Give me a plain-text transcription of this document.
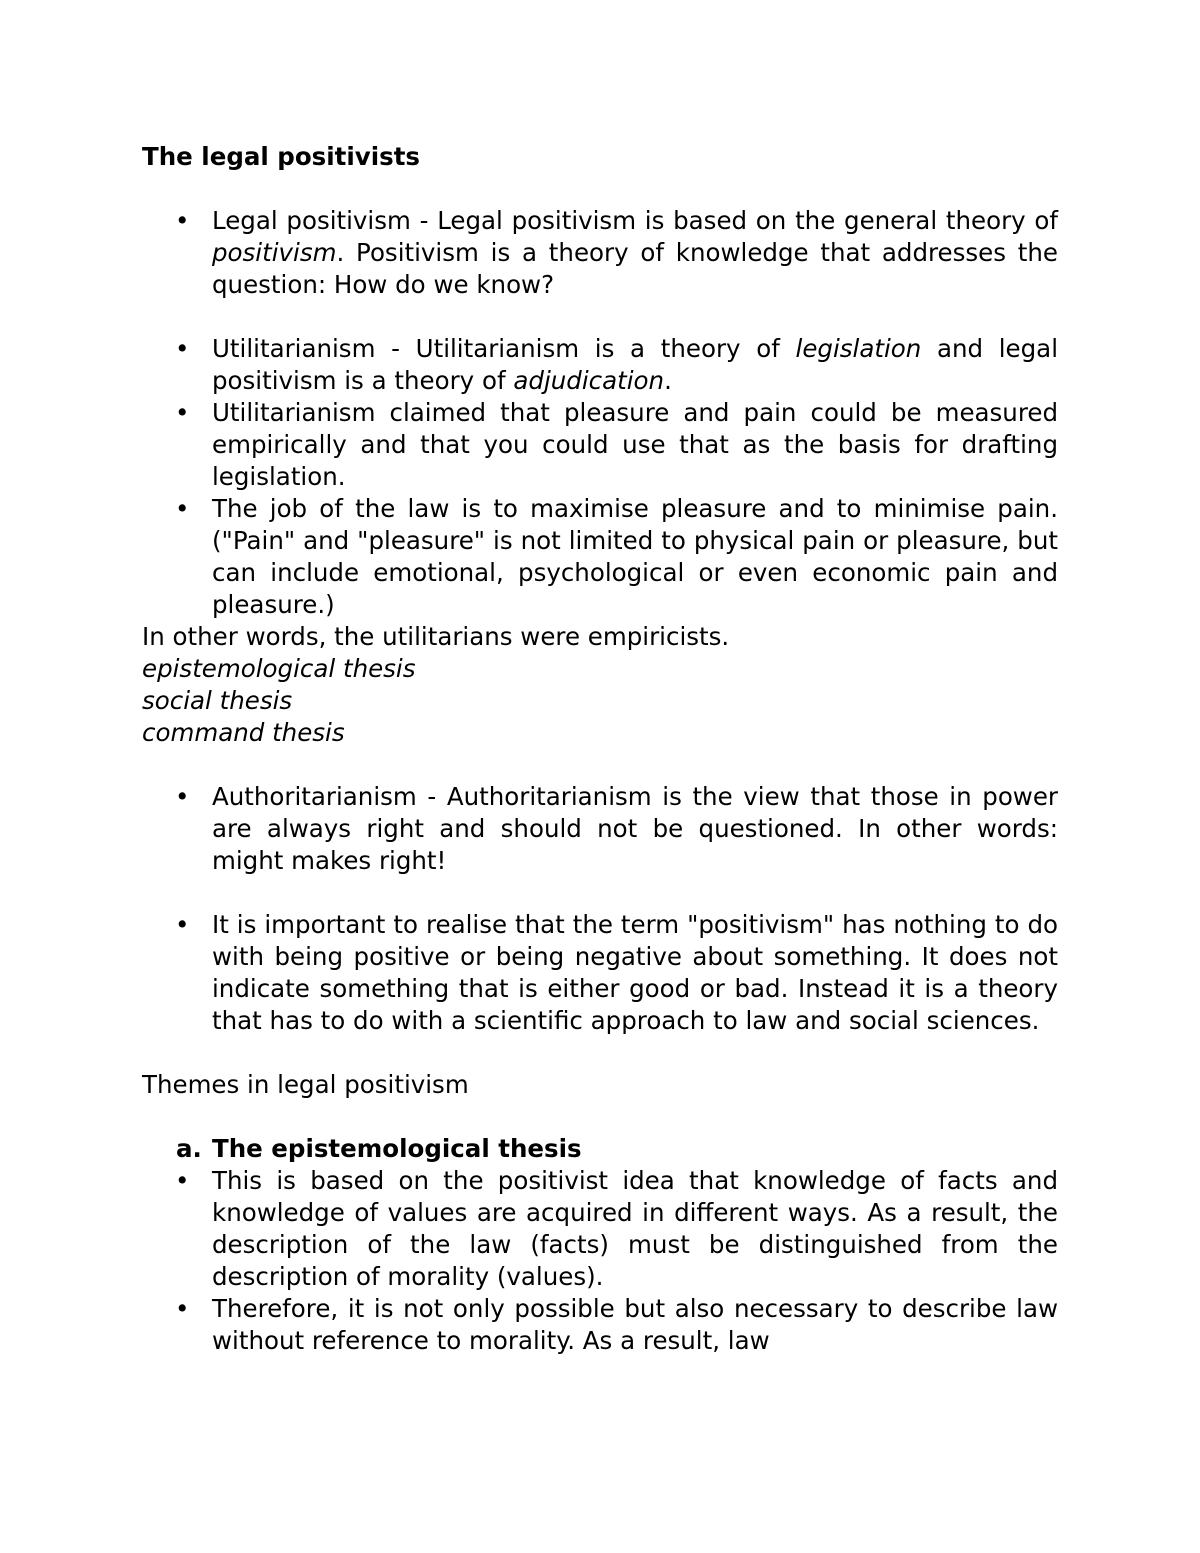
The legal positivists
• Legal positivism - Legal positivism is based on the general theory of positivism. Positivism is a theory of knowledge that addresses the question: How do we know?
• Utilitarianism - Utilitarianism is a theory of legislation and legal positivism is a theory of adjudication.
• Utilitarianism claimed that pleasure and pain could be measured empirically and that you could use that as the basis for drafting legislation.
• The job of the law is to maximise pleasure and to minimise pain. ("Pain" and "pleasure" is not limited to physical pain or pleasure, but can include emotional, psychological or even economic pain and pleasure.)
In other words, the utilitarians were empiricists.
epistemological thesis
social thesis
command thesis
• Authoritarianism - Authoritarianism is the view that those in power are always right and should not be questioned. In other words: might makes right!
• It is important to realise that the term "positivism" has nothing to do with being positive or being negative about something. It does not indicate something that is either good or bad. Instead it is a theory that has to do with a scientific approach to law and social sciences.
Themes in legal positivism
a. The epistemological thesis
• This is based on the positivist idea that knowledge of facts and knowledge of values are acquired in different ways. As a result, the description of the law (facts) must be distinguished from the description of morality (values).
• Therefore, it is not only possible but also necessary to describe law without reference to morality. As a result, law
